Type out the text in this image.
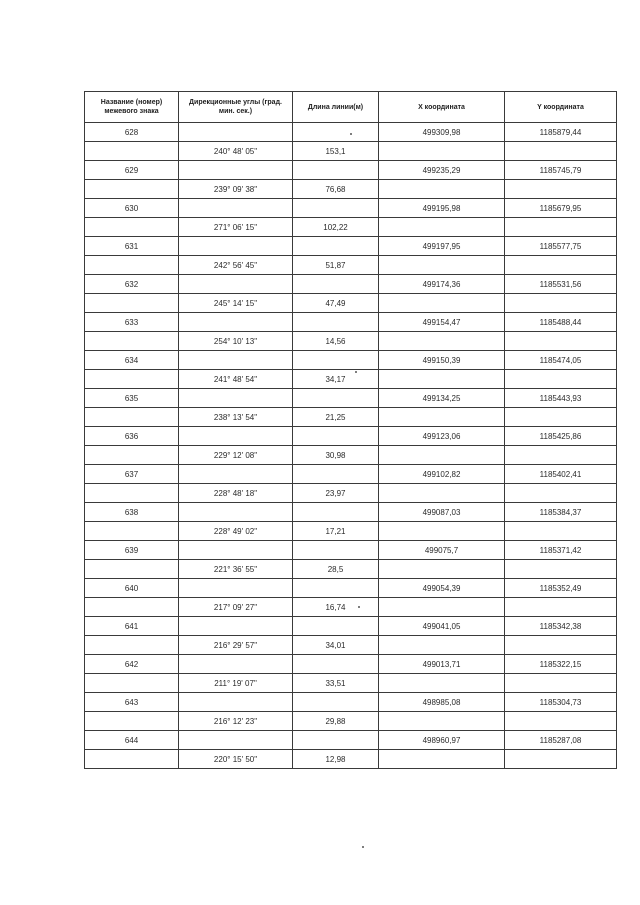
Название (номер) межевого знака	Дирекционные углы (град. мин. сек.)	Длина линии(м)	X координата	Y координата
628			499309,98	1185879,44
	240° 48' 05"	153,1		
629			499235,29	1185745,79
	239° 09' 38"	76,68		
630			499195,98	1185679,95
	271° 06' 15"	102,22		
631			499197,95	1185577,75
	242° 56' 45"	51,87		
632			499174,36	1185531,56
	245° 14' 15"	47,49		
633			499154,47	1185488,44
	254° 10' 13"	14,56		
634			499150,39	1185474,05
	241° 48' 54"	34,17		
635			499134,25	1185443,93
	238° 13' 54"	21,25		
636			499123,06	1185425,86
	229° 12' 08"	30,98		
637			499102,82	1185402,41
	228° 48' 18"	23,97		
638			499087,03	1185384,37
	228° 49' 02"	17,21		
639			499075,7	1185371,42
	221° 36' 55"	28,5		
640			499054,39	1185352,49
	217° 09' 27"	16,74		
641			499041,05	1185342,38
	216° 29' 57"	34,01		
642			499013,71	1185322,15
	211° 19' 07"	33,51		
643			498985,08	1185304,73
	216° 12' 23"	29,88		
644			498960,97	1185287,08
	220° 15' 50"	12,98		
